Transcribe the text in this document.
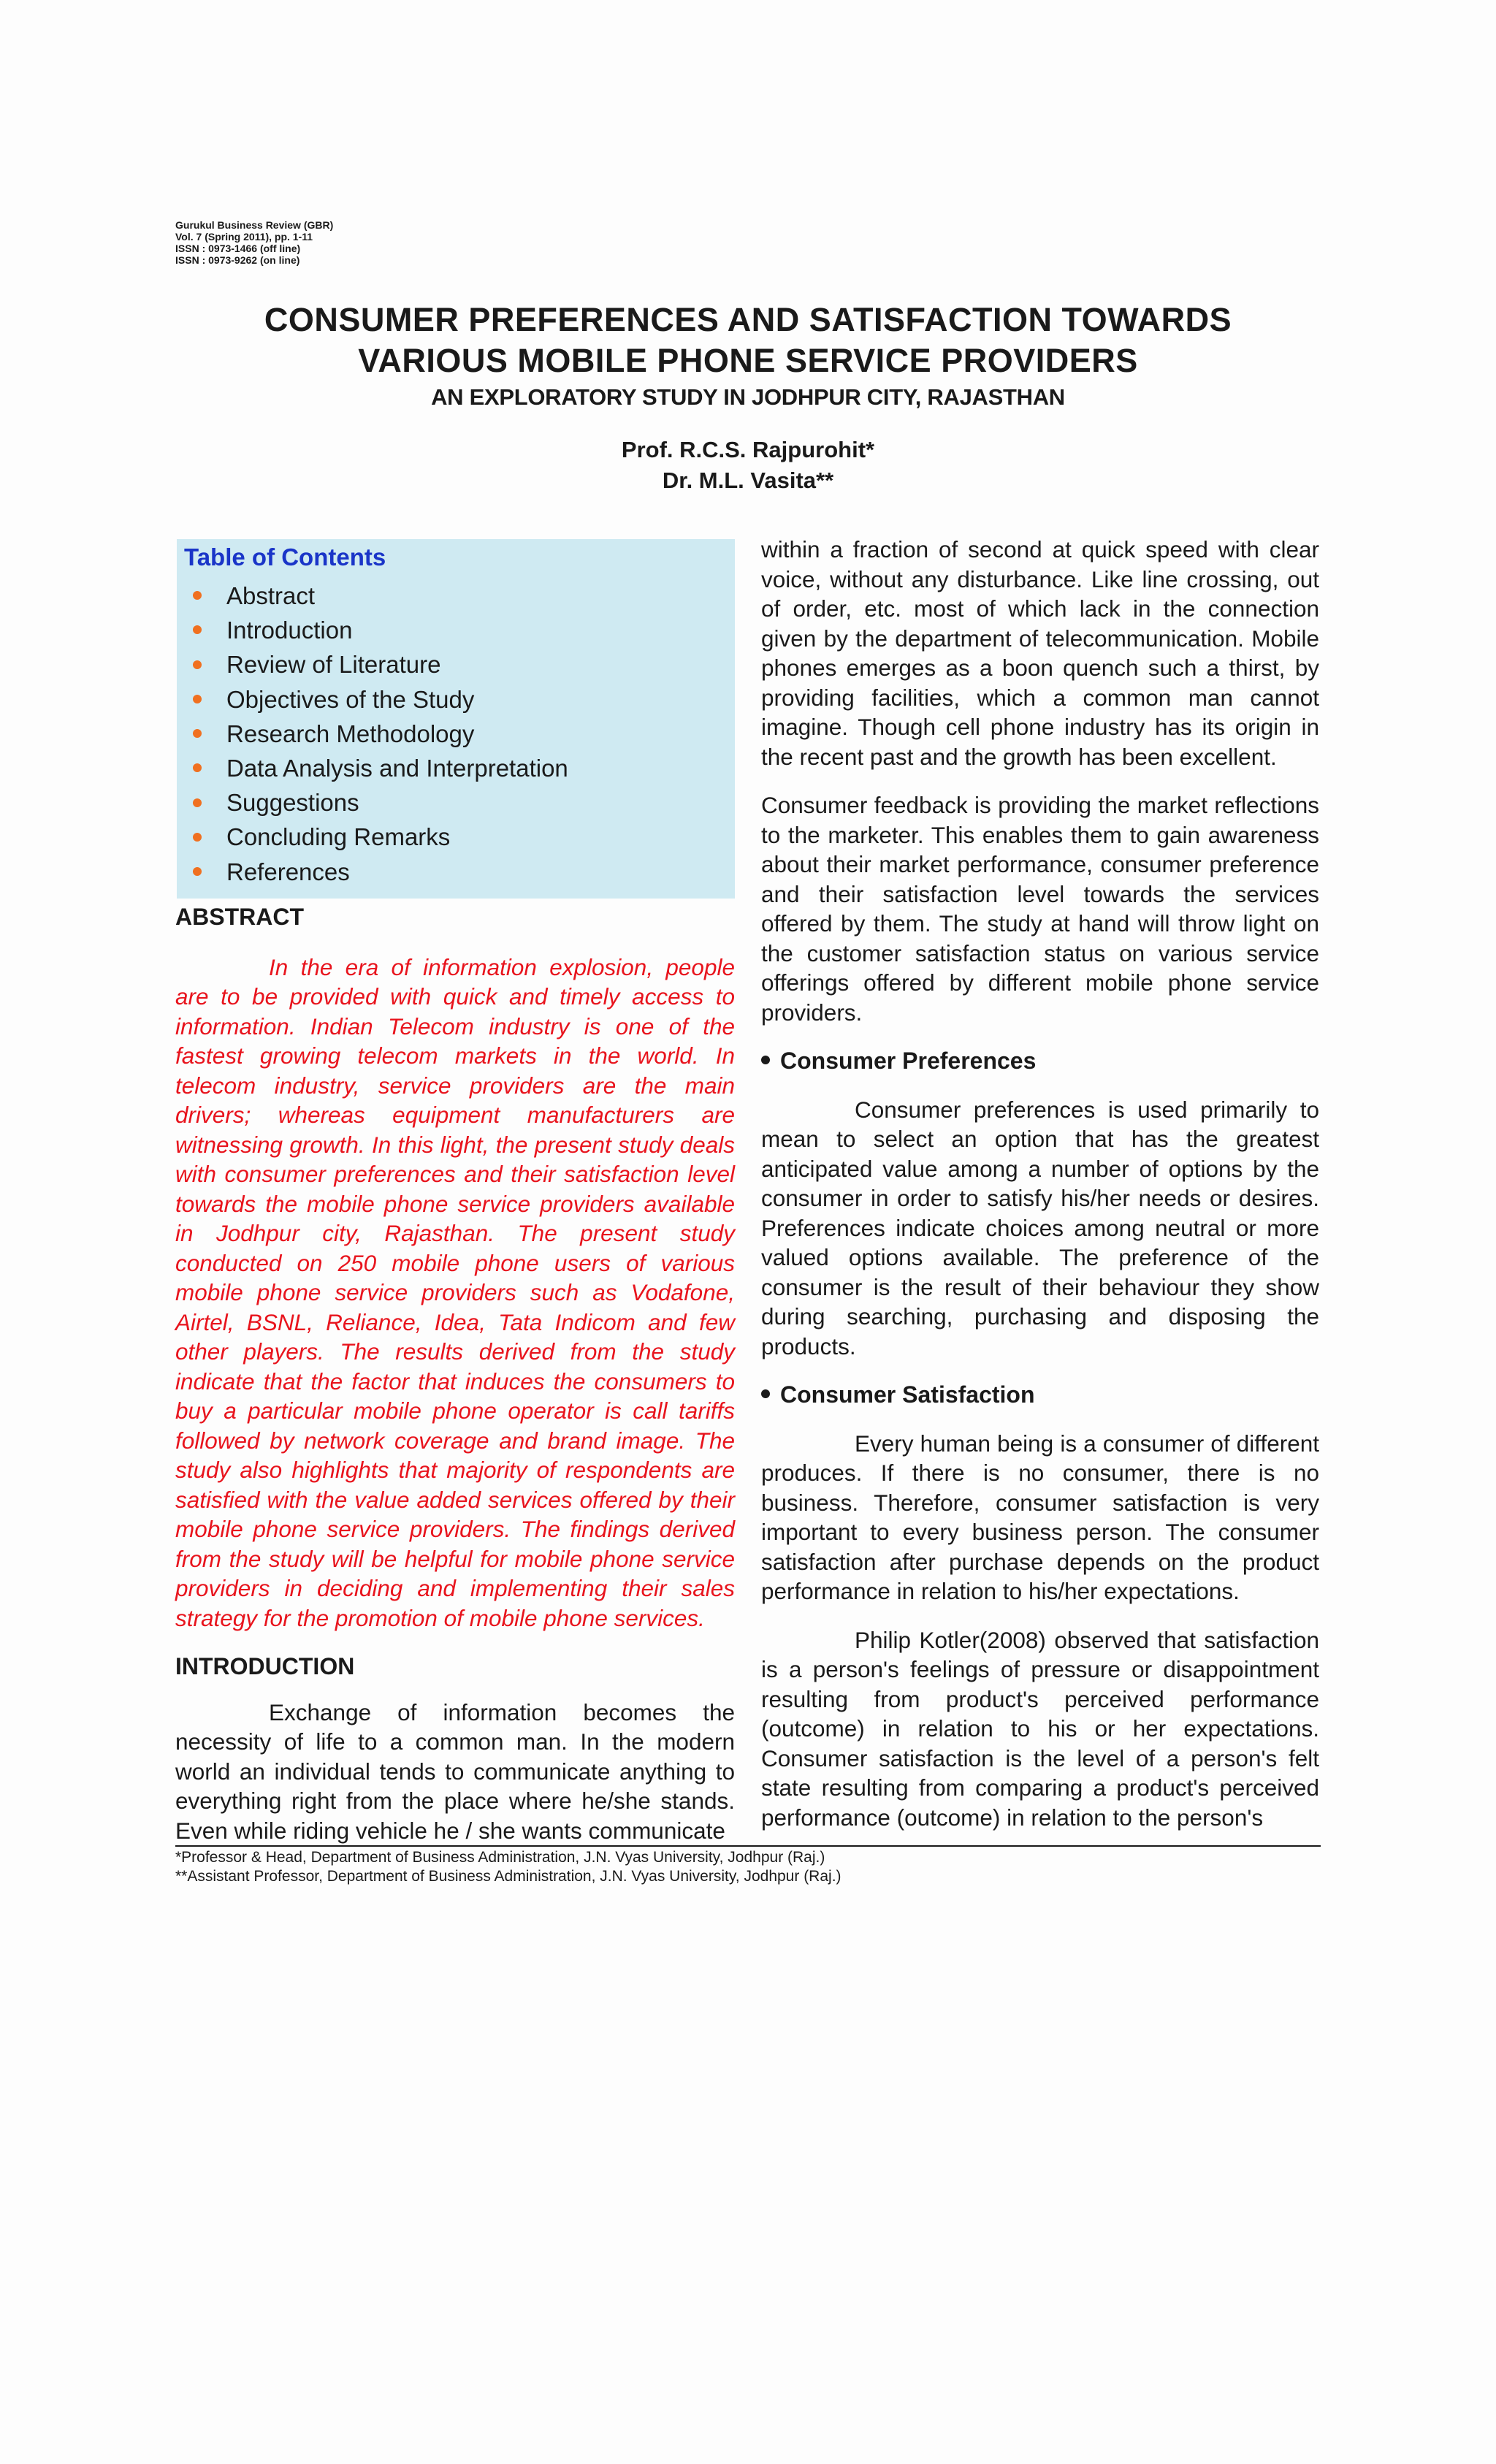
Gurukul Business Review (GBR)
Vol. 7 (Spring 2011), pp. 1-11
ISSN : 0973-1466 (off line)
ISSN : 0973-9262 (on line)
CONSUMER PREFERENCES AND SATISFACTION TOWARDS
VARIOUS MOBILE PHONE SERVICE PROVIDERS
AN EXPLORATORY STUDY IN JODHPUR CITY, RAJASTHAN
Prof. R.C.S. Rajpurohit*
Dr. M.L. Vasita**
Table of Contents
Abstract
Introduction
Review of Literature
Objectives of the Study
Research Methodology
Data Analysis and Interpretation
Suggestions
Concluding Remarks
References

ABSTRACT

In the era of information explosion, people are to be provided with quick and timely access to information. Indian Telecom industry is one of the fastest growing telecom markets in the world. In telecom industry, service providers are the main drivers; whereas equipment manufacturers are witnessing growth. In this light, the present study deals with consumer preferences and their satisfaction level towards the mobile phone service providers available in Jodhpur city, Rajasthan. The present study conducted on 250 mobile phone users of various mobile phone service providers such as Vodafone, Airtel, BSNL, Reliance, Idea, Tata Indicom and few other players. The results derived from the study indicate that the factor that induces the consumers to buy a particular mobile phone operator is call tariffs followed by network coverage and brand image. The study also highlights that majority of respondents are satisfied with the value added services offered by their mobile phone service providers. The findings derived from the study will be helpful for mobile phone service providers in deciding and implementing their sales strategy for the promotion of mobile phone services.

INTRODUCTION

Exchange of information becomes the necessity of life to a common man. In the modern world an individual tends to communicate anything to everything right from the place where he/she stands. Even while riding vehicle he / she wants communicate

within a fraction of second at quick speed with clear voice, without any disturbance. Like line crossing, out of order, etc. most of which lack in the connection given by the department of telecommunication. Mobile phones emerges as a boon quench such a thirst, by providing facilities, which a common man cannot imagine. Though cell phone industry has its origin in the recent past and the growth has been excellent.

Consumer feedback is providing the market reflections to the marketer. This enables them to gain awareness about their market performance, consumer preference and their satisfaction level towards the services offered by them. The study at hand will throw light on the customer satisfaction status on various service offerings offered by different mobile phone service providers.

Consumer Preferences

Consumer preferences is used primarily to mean to select an option that has the greatest anticipated value among a number of options by the consumer in order to satisfy his/her needs or desires. Preferences indicate choices among neutral or more valued options available. The preference of the consumer is the result of their behaviour they show during searching, purchasing and disposing the products.

Consumer Satisfaction

Every human being is a consumer of different produces. If there is no consumer, there is no business. Therefore, consumer satisfaction is very important to every business person. The consumer satisfaction after purchase depends on the product performance in relation to his/her expectations.

Philip Kotler(2008) observed that satisfaction is a person's feelings of pressure or disappointment resulting from product's perceived performance (outcome) in relation to his or her expectations. Consumer satisfaction is the level of a person's felt state resulting from comparing a product's perceived performance (outcome) in relation to the person's

*Professor & Head, Department of Business Administration, J.N. Vyas University, Jodhpur (Raj.)
**Assistant Professor, Department of Business Administration, J.N. Vyas University, Jodhpur (Raj.)
